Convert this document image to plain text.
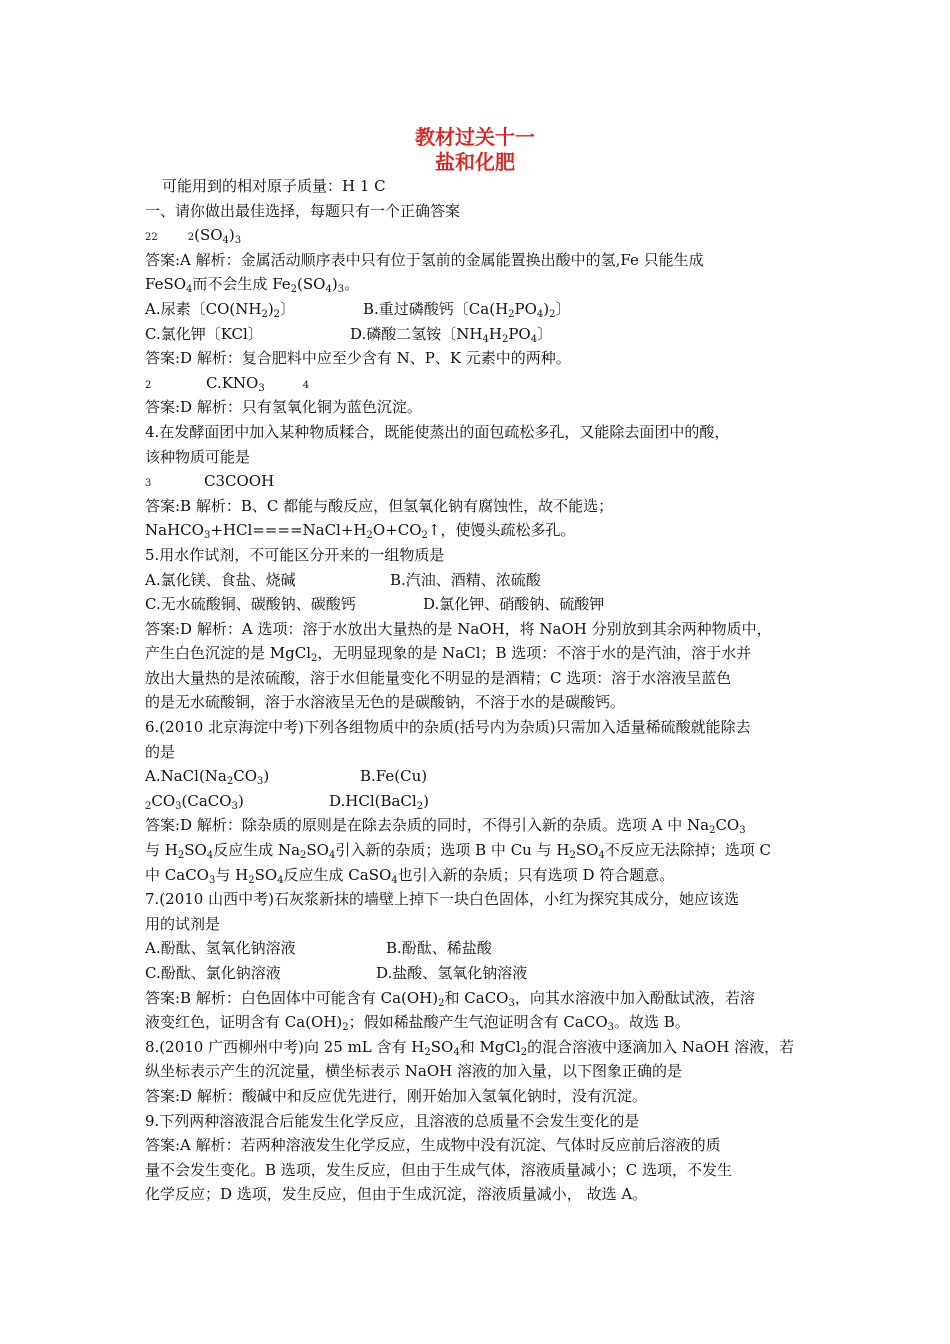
教材过关十一
盐和化肥
可能用到的相对原子质量：H 1 C
一、请你做出最佳选择，每题只有一个正确答案
22	$2(SO_4)_3$
答案:A 解析：金属活动顺序表中只有位于氢前的金属能置换出酸中的氢,Fe 只能生成
FeSO$_4$而不会生成 $Fe_2(SO_4)_3$。
A.尿素〔$CO(NH_2)_2$〕	B.重过磷酸钙〔$Ca(H_2PO_4)_2$〕
C.氯化钾〔KCl〕	D.磷酸二氢铵〔$NH_4H_2PO_4$〕
答案:D 解析：复合肥料中应至少含有 N、P、K 元素中的两种。
2	$C.KNO_3$	4
答案:D 解析：只有氢氧化铜为蓝色沉淀。
4.在发酵面团中加入某种物质糅合，既能使蒸出的面包疏松多孔，又能除去面团中的酸，
该种物质可能是
3	C3COOH
答案:B 解析：B、C 都能与酸反应，但氢氧化钠有腐蚀性，故不能选；
$NaHCO_3+HCl====NaCl+H_2O+CO_2↑$，使馒头疏松多孔。
5.用水作试剂，不可能区分开来的一组物质是
A.氯化镁、食盐、烧碱	B.汽油、酒精、浓硫酸
C.无水硫酸铜、碳酸钠、碳酸钙	D.氯化钾、硝酸钠、硫酸钾
答案:D 解析：A 选项：溶于水放出大量热的是 NaOH，将 NaOH 分别放到其余两种物质中，
产生白色沉淀的是 MgCl$_2$，无明显现象的是 NaCl；B 选项：不溶于水的是汽油，溶于水并
放出大量热的是浓硫酸，溶于水但能量变化不明显的是酒精；C 选项：溶于水溶液呈蓝色
的是无水硫酸铜，溶于水溶液呈无色的是碳酸钠，不溶于水的是碳酸钙。
6.(2010 北京海淀中考)下列各组物质中的杂质(括号内为杂质)只需加入适量稀硫酸就能除去
的是
$A.NaCl(Na_2CO_3)$	B.Fe(Cu)
$_2CO_3(CaCO_3)$	D.HCl(BaCl$_2$)
答案:D 解析：除杂质的原则是在除去杂质的同时，不得引入新的杂质。选项 A 中 $Na_2CO_3$
与 $H_2SO_4$反应生成 $Na_2SO_4$引入新的杂质；选项 B 中 Cu 与 $H_2SO_4$不反应无法除掉；选项 C
中 CaCO$_3$与 $H_2SO_4$反应生成 CaSO$_4$也引入新的杂质；只有选项 D 符合题意。
7.(2010 山西中考)石灰浆新抹的墙壁上掉下一块白色固体，小红为探究其成分，她应该选
用的试剂是
A.酚酞、氢氧化钠溶液	B.酚酞、稀盐酸
C.酚酞、氯化钠溶液	D.盐酸、氢氧化钠溶液
答案:B 解析：白色固体中可能含有 $Ca(OH)_2$和 CaCO$_3$，向其水溶液中加入酚酞试液，若溶
液变红色，证明含有 $Ca(OH)_2$；假如稀盐酸产生气泡证明含有 CaCO$_3$。故选 B。
8.(2010 广西柳州中考)向 25 mL 含有 $H_2SO_4$和 MgCl$_2$的混合溶液中逐滴加入 NaOH 溶液，若
纵坐标表示产生的沉淀量，横坐标表示 NaOH 溶液的加入量，以下图象正确的是
答案:D 解析：酸碱中和反应优先进行，刚开始加入氢氧化钠时，没有沉淀。
9.下列两种溶液混合后能发生化学反应，且溶液的总质量不会发生变化的是
答案:A 解析：若两种溶液发生化学反应，生成物中没有沉淀、气体时反应前后溶液的质
量不会发生变化。B 选项，发生反应，但由于生成气体，溶液质量减小；C 选项，不发生
化学反应；D 选项，发生反应，但由于生成沉淀，溶液质量减小， 故选 A。
